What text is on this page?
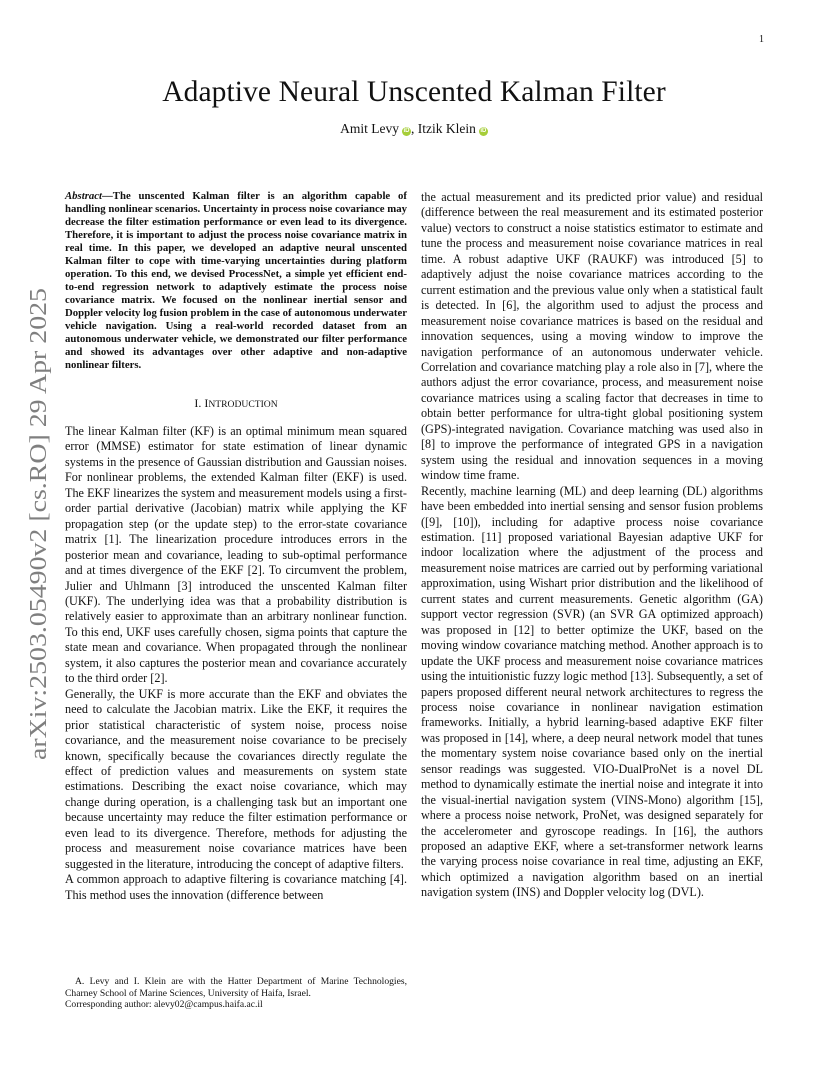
1
arXiv:2503.05490v2 [cs.RO] 29 Apr 2025
Adaptive Neural Unscented Kalman Filter
Amit Levy iD , Itzik Klein iD

Abstract—The unscented Kalman filter is an algorithm capable of handling nonlinear scenarios. Uncertainty in process noise covariance may decrease the filter estimation performance or even lead to its divergence. Therefore, it is important to adjust the process noise covariance matrix in real time. In this paper, we developed an adaptive neural unscented Kalman filter to cope with time-varying uncertainties during platform operation. To this end, we devised ProcessNet, a simple yet efficient end-to-end regression network to adaptively estimate the process noise covariance matrix. We focused on the nonlinear inertial sensor and Doppler velocity log fusion problem in the case of autonomous underwater vehicle navigation. Using a real-world recorded dataset from an autonomous underwater vehicle, we demonstrated our filter performance and showed its advantages over other adaptive and non-adaptive nonlinear filters.

I. INTRODUCTION

The linear Kalman filter (KF) is an optimal minimum mean squared error (MMSE) estimator for state estimation of linear dynamic systems in the presence of Gaussian distribution and Gaussian noises. For nonlinear problems, the extended Kalman filter (EKF) is used. The EKF linearizes the system and measurement models using a first-order partial derivative (Jacobian) matrix while applying the KF propagation step (or the update step) to the error-state covariance matrix [1]. The linearization procedure introduces errors in the posterior mean and covariance, leading to sub-optimal performance and at times divergence of the EKF [2]. To circumvent the problem, Julier and Uhlmann [3] introduced the unscented Kalman filter (UKF). The underlying idea was that a probability distribution is relatively easier to approximate than an arbitrary nonlinear function. To this end, UKF uses carefully chosen, sigma points that capture the state mean and covariance. When propagated through the nonlinear system, it also captures the posterior mean and covariance accurately to the third order [2].

Generally, the UKF is more accurate than the EKF and obviates the need to calculate the Jacobian matrix. Like the EKF, it requires the prior statistical characteristic of system noise, process noise covariance, and the measurement noise covariance to be precisely known, specifically because the covariances directly regulate the effect of prediction values and measurements on system state estimations. Describing the exact noise covariance, which may change during operation, is a challenging task but an important one because uncertainty may reduce the filter estimation performance or even lead to its divergence. Therefore, methods for adjusting the process and measurement noise covariance matrices have been suggested in the literature, introducing the concept of adaptive filters.

A common approach to adaptive filtering is covariance matching [4]. This method uses the innovation (difference between

A. Levy and I. Klein are with the Hatter Department of Marine Technologies, Charney School of Marine Sciences, University of Haifa, Israel.

Corresponding author: alevy02@campus.haifa.ac.il

the actual measurement and its predicted prior value) and residual (difference between the real measurement and its estimated posterior value) vectors to construct a noise statistics estimator to estimate and tune the process and measurement noise covariance matrices in real time. A robust adaptive UKF (RAUKF) was introduced [5] to adaptively adjust the noise covariance matrices according to the current estimation and the previous value only when a statistical fault is detected. In [6], the algorithm used to adjust the process and measurement noise covariance matrices is based on the residual and innovation sequences, using a moving window to improve the navigation performance of an autonomous underwater vehicle. Correlation and covariance matching play a role also in [7], where the authors adjust the error covariance, process, and measurement noise covariance matrices using a scaling factor that decreases in time to obtain better performance for ultra-tight global positioning system (GPS)-integrated navigation. Covariance matching was used also in [8] to improve the performance of integrated GPS in a navigation system using the residual and innovation sequences in a moving window time frame.

Recently, machine learning (ML) and deep learning (DL) algorithms have been embedded into inertial sensing and sensor fusion problems ([9], [10]), including for adaptive process noise covariance estimation. [11] proposed variational Bayesian adaptive UKF for indoor localization where the adjustment of the process and measurement noise matrices are carried out by performing variational approximation, using Wishart prior distribution and the likelihood of current states and current measurements. Genetic algorithm (GA) support vector regression (SVR) (an SVR GA optimized approach) was proposed in [12] to better optimize the UKF, based on the moving window covariance matching method. Another approach is to update the UKF process and measurement noise covariance matrices using the intuitionistic fuzzy logic method [13]. Subsequently, a set of papers proposed different neural network architectures to regress the process noise covariance in nonlinear navigation estimation frameworks. Initially, a hybrid learning-based adaptive EKF filter was proposed in [14], where, a deep neural network model that tunes the momentary system noise covariance based only on the inertial sensor readings was suggested. VIO-DualProNet is a novel DL method to dynamically estimate the inertial noise and integrate it into the visual-inertial navigation system (VINS-Mono) algorithm [15], where a process noise network, ProNet, was designed separately for the accelerometer and gyroscope readings. In [16], the authors proposed an adaptive EKF, where a set-transformer network learns the varying process noise covariance in real time, adjusting an EKF, which optimized a navigation algorithm based on an inertial navigation system (INS) and Doppler velocity log (DVL).
